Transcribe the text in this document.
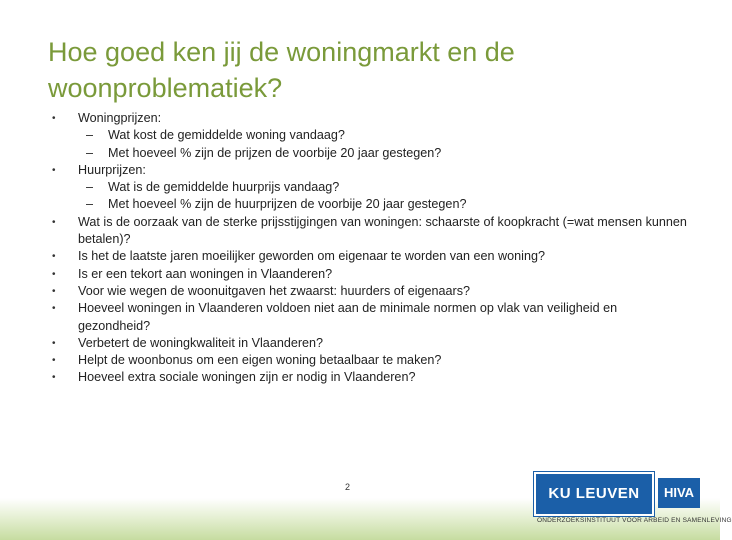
Hoe goed ken jij de woningmarkt en de woonproblematiek?
• Woningprijzen:
– Wat kost de gemiddelde woning vandaag?
– Met hoeveel % zijn de prijzen de voorbije 20 jaar gestegen?
• Huurprijzen:
– Wat is de gemiddelde huurprijs vandaag?
– Met hoeveel % zijn de huurprijzen de voorbije 20 jaar gestegen?
• Wat is de oorzaak van de sterke prijsstijgingen van woningen: schaarste of koopkracht (=wat mensen kunnen betalen)?
• Is het de laatste jaren moeilijker geworden om eigenaar te worden van een woning?
• Is er een tekort aan woningen in Vlaanderen?
• Voor wie wegen de woonuitgaven het zwaarst: huurders of eigenaars?
• Hoeveel woningen in Vlaanderen voldoen niet aan de minimale normen op vlak van veiligheid en gezondheid?
• Verbetert de woningkwaliteit in Vlaanderen?
• Helpt de woonbonus om een eigen woning betaalbaar te maken?
• Hoeveel extra sociale woningen zijn er nodig in Vlaanderen?
2	KU LEUVEN	HIVA
ONDERZOEKSINSTITUUT VOOR ARBEID EN SAMENLEVING
